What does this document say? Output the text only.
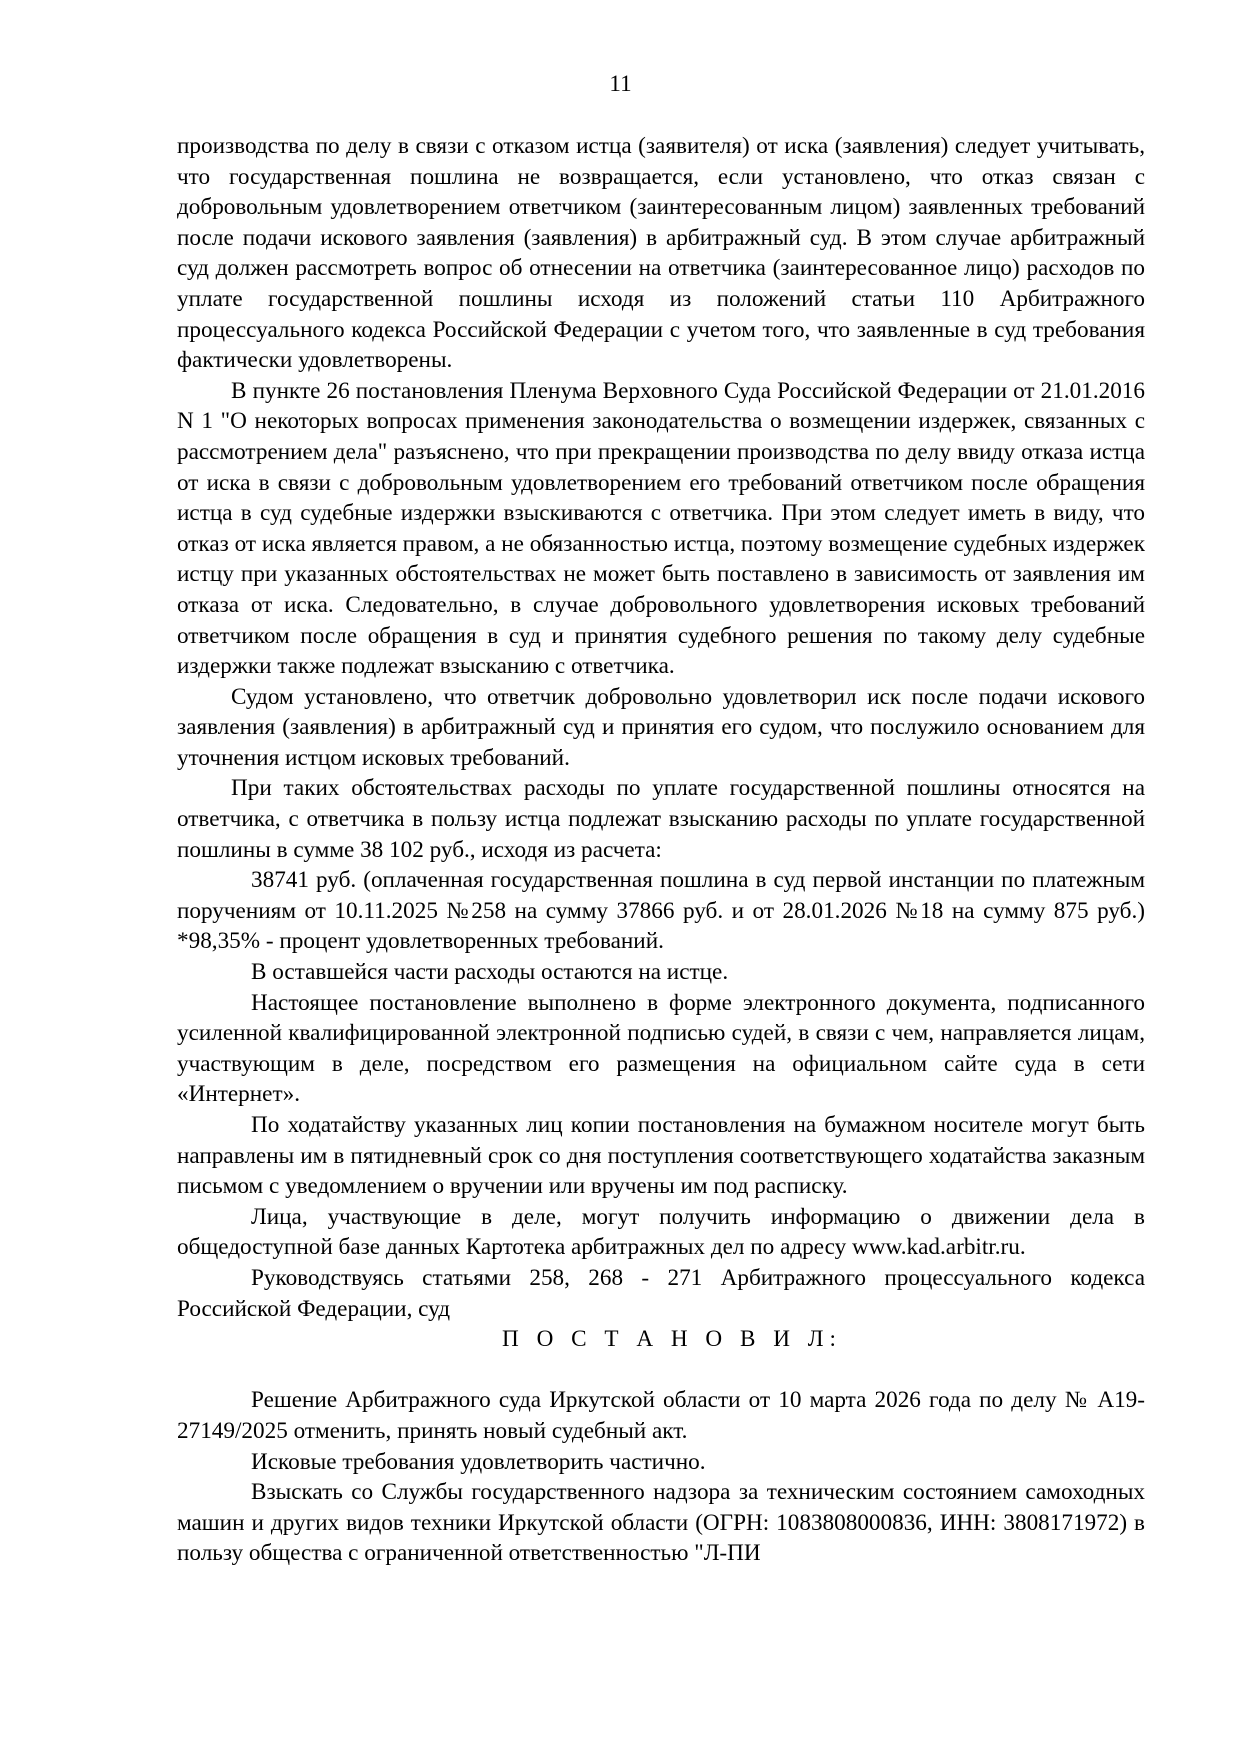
11

производства по делу в связи с отказом истца (заявителя) от иска (заявления) следует учитывать, что государственная пошлина не возвращается, если установлено, что отказ связан с добровольным удовлетворением ответчиком (заинтересованным лицом) заявленных требований после подачи искового заявления (заявления) в арбитражный суд. В этом случае арбитражный суд должен рассмотреть вопрос об отнесении на ответчика (заинтересованное лицо) расходов по уплате государственной пошлины исходя из положений статьи 110 Арбитражного процессуального кодекса Российской Федерации с учетом того, что заявленные в суд требования фактически удовлетворены.

В пункте 26 постановления Пленума Верховного Суда Российской Федерации от 21.01.2016 N 1 "О некоторых вопросах применения законодательства о возмещении издержек, связанных с рассмотрением дела" разъяснено, что при прекращении производства по делу ввиду отказа истца от иска в связи с добровольным удовлетворением его требований ответчиком после обращения истца в суд судебные издержки взыскиваются с ответчика. При этом следует иметь в виду, что отказ от иска является правом, а не обязанностью истца, поэтому возмещение судебных издержек истцу при указанных обстоятельствах не может быть поставлено в зависимость от заявления им отказа от иска. Следовательно, в случае добровольного удовлетворения исковых требований ответчиком после обращения в суд и принятия судебного решения по такому делу судебные издержки также подлежат взысканию с ответчика.

Судом установлено, что ответчик добровольно удовлетворил иск после подачи искового заявления (заявления) в арбитражный суд и принятия его судом, что послужило основанием для уточнения истцом исковых требований.

При таких обстоятельствах расходы по уплате государственной пошлины относятся на ответчика, с ответчика в пользу истца подлежат взысканию расходы по уплате государственной пошлины в сумме 38 102 руб., исходя из расчета:

38741 руб. (оплаченная государственная пошлина в суд первой инстанции по платежным поручениям от 10.11.2025 №258 на сумму 37866 руб. и от 28.01.2026 №18 на сумму 875 руб.) *98,35% - процент удовлетворенных требований.

В оставшейся части расходы остаются на истце.

Настоящее постановление выполнено в форме электронного документа, подписанного усиленной квалифицированной электронной подписью судей, в связи с чем, направляется лицам, участвующим в деле, посредством его размещения на официальном сайте суда в сети «Интернет».

По ходатайству указанных лиц копии постановления на бумажном носителе могут быть направлены им в пятидневный срок со дня поступления соответствующего ходатайства заказным письмом с уведомлением о вручении или вручены им под расписку.

Лица, участвующие в деле, могут получить информацию о движении дела в общедоступной базе данных Картотека арбитражных дел по адресу www.kad.arbitr.ru.

Руководствуясь статьями 258, 268 - 271 Арбитражного процессуального кодекса Российской Федерации, суд

П О С Т А Н О В И Л:

Решение Арбитражного суда Иркутской области от 10 марта 2026 года по делу № А19-27149/2025 отменить, принять новый судебный акт.

Исковые требования удовлетворить частично.

Взыскать со Службы государственного надзора за техническим состоянием самоходных машин и других видов техники Иркутской области (ОГРН: 1083808000836, ИНН: 3808171972) в пользу общества с ограниченной ответственностью "Л-ПИ
